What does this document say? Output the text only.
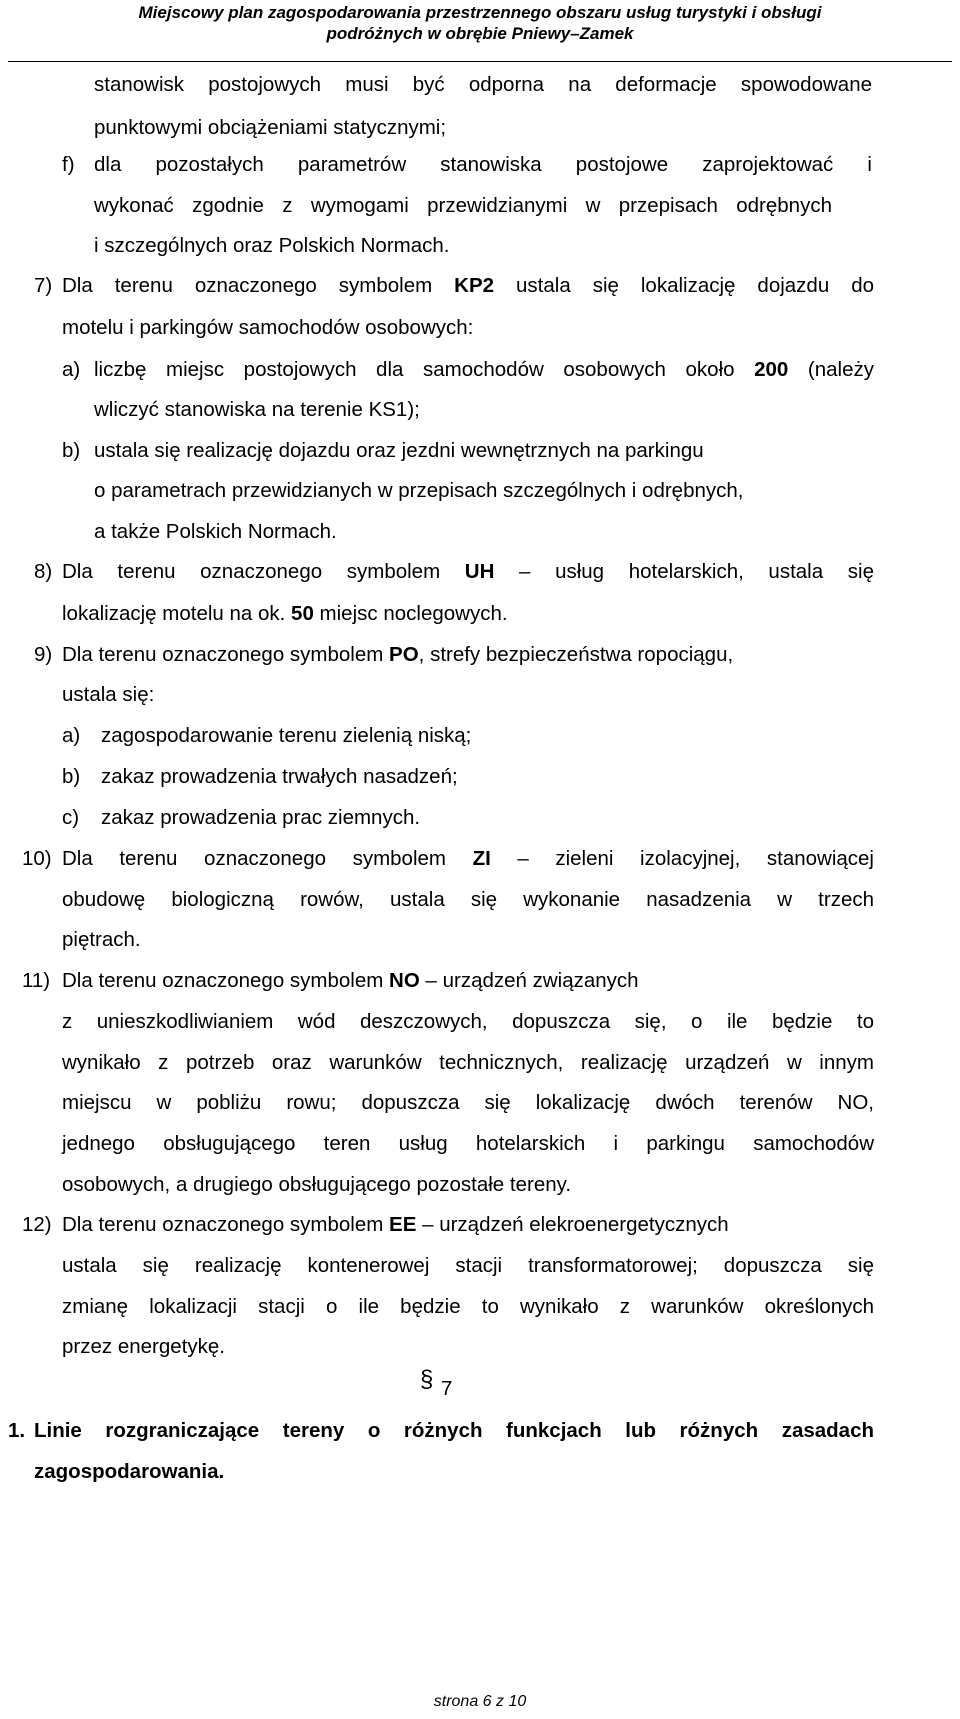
Miejscowy plan zagospodarowania przestrzennego obszaru usług turystyki i obsługi
podróżnych w obrębie Pniewy–Zamek
stanowisk postojowych musi być odporna na deformacje spowodowane
punktowymi obciążeniami statycznymi;
f) dla pozostałych parametrów stanowiska postojowe zaprojektować i
wykonać zgodnie z wymogami przewidzianymi w przepisach odrębnych
i szczególnych oraz Polskich Normach.
7) Dla terenu oznaczonego symbolem KP2 ustala się lokalizację dojazdu do
motelu i parkingów samochodów osobowych:
a) liczbę miejsc postojowych dla samochodów osobowych około 200 (należy
wliczyć stanowiska na terenie KS1);
b) ustala się realizację dojazdu oraz jezdni wewnętrznych na parkingu
o parametrach przewidzianych w przepisach szczególnych i odrębnych,
a także Polskich Normach.
8) Dla terenu oznaczonego symbolem UH – usług hotelarskich, ustala się
lokalizację motelu na ok. 50 miejsc noclegowych.
9) Dla terenu oznaczonego symbolem PO, strefy bezpieczeństwa ropociągu,
ustala się:
a) zagospodarowanie terenu zielenią niską;
b) zakaz prowadzenia trwałych nasadzeń;
c) zakaz prowadzenia prac ziemnych.
10) Dla terenu oznaczonego symbolem ZI – zieleni izolacyjnej, stanowiącej
obudowę biologiczną rowów, ustala się wykonanie nasadzenia w trzech
piętrach.
11) Dla terenu oznaczonego symbolem NO – urządzeń związanych
z unieszkodliwianiem wód deszczowych, dopuszcza się, o ile będzie to
wynikało z potrzeb oraz warunków technicznych, realizację urządzeń w innym
miejscu w pobliżu rowu; dopuszcza się lokalizację dwóch terenów NO,
jednego obsługującego teren usług hotelarskich i parkingu samochodów
osobowych, a drugiego obsługującego pozostałe tereny.
12) Dla terenu oznaczonego symbolem EE – urządzeń elekroenergetycznych
ustala się realizację kontenerowej stacji transformatorowej; dopuszcza się
zmianę lokalizacji stacji o ile będzie to wynikało z warunków określonych
przez energetykę.
§ 7
1. Linie rozgraniczające tereny o różnych funkcjach lub różnych zasadach
zagospodarowania.
strona 6 z 10
